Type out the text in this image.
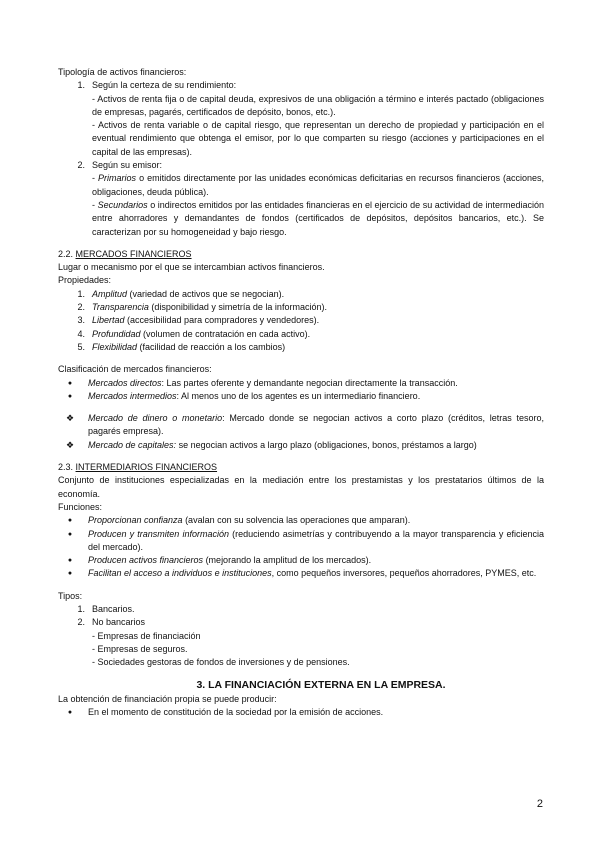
Tipología de activos financieros:

1. Según la certeza de su rendimiento:

- Activos de renta fija o de capital deuda, expresivos de una obligación a término e interés pactado (obligaciones de empresas, pagarés, certificados de depósito, bonos, etc.).

- Activos de renta variable o de capital riesgo, que representan un derecho de propiedad y participación en el eventual rendimiento que obtenga el emisor, por lo que comparten su riesgo (acciones y participaciones en el capital de las empresas).

2. Según su emisor:

- Primarios o emitidos directamente por las unidades económicas deficitarias en recursos financieros (acciones, obligaciones, deuda pública).

- Secundarios o indirectos emitidos por las entidades financieras en el ejercicio de su actividad de intermediación entre ahorradores y demandantes de fondos (certificados de depósitos, depósitos bancarios, etc.). Se caracterizan por su homogeneidad y bajo riesgo.

2.2. MERCADOS FINANCIEROS

Lugar o mecanismo por el que se intercambian activos financieros.

Propiedades:

1. Amplitud (variedad de activos que se negocian).
2. Transparencia (disponibilidad y simetría de la información).
3. Libertad (accesibilidad para compradores y vendedores).
4. Profundidad (volumen de contratación en cada activo).
5. Flexibilidad (facilidad de reacción a los cambios)

Clasificación de mercados financieros:

●	Mercados directos: Las partes oferente y demandante negocian directamente la transacción.
●	Mercados intermedios: Al menos uno de los agentes es un intermediario financiero.
❖	Mercado de dinero o monetario: Mercado donde se negocian activos a corto plazo (créditos, letras tesoro, pagarés empresa).
❖	Mercado de capitales: se negocian activos a largo plazo (obligaciones, bonos, préstamos a largo)

2.3. INTERMEDIARIOS FINANCIEROS

Conjunto de instituciones especializadas en la mediación entre los prestamistas y los prestatarios últimos de la economía.

Funciones:

●	Proporcionan confianza (avalan con su solvencia las operaciones que amparan).
●	Producen y transmiten información (reduciendo asimetrías y contribuyendo a la mayor transparencia y eficiencia del mercado).
●	Producen activos financieros (mejorando la amplitud de los mercados).
●	Facilitan el acceso a individuos e instituciones, como pequeños inversores, pequeños ahorradores, PYMES, etc.

Tipos:

1. Bancarios.
2. No bancarios

- Empresas de financiación

- Empresas de seguros.

- Sociedades gestoras de fondos de inversiones y de pensiones.

3. LA FINANCIACIÓN EXTERNA EN LA EMPRESA.

La obtención de financiación propia se puede producir:

●	En el momento de constitución de la sociedad por la emisión de acciones.
2
